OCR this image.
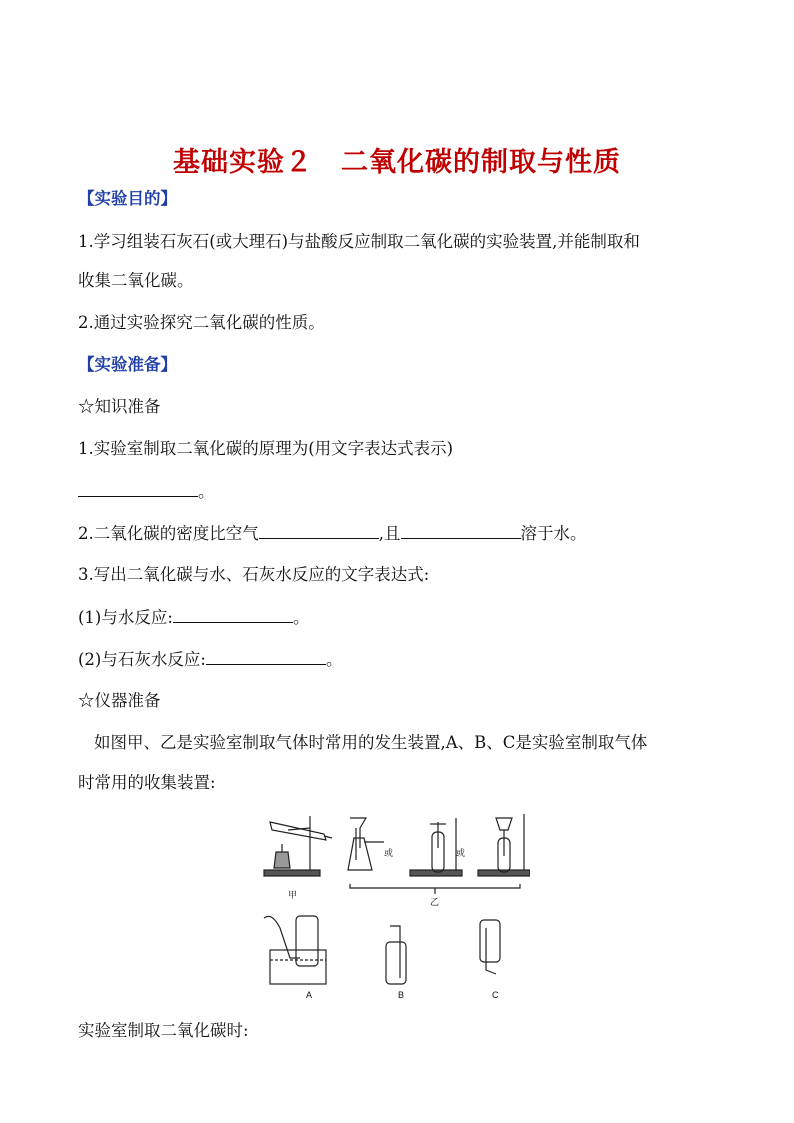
基础实验２　二氧化碳的制取与性质
【实验目的】
1.学习组装石灰石(或大理石)与盐酸反应制取二氧化碳的实验装置,并能制取和
收集二氧化碳。
2.通过实验探究二氧化碳的性质。
【实验准备】
☆知识准备
1.实验室制取二氧化碳的原理为(用文字表达式表示)
。
2.二氧化碳的密度比空气	,且	溶于水。
3.写出二氧化碳与水、石灰水反应的文字表达式:
(1)与水反应:	。
(2)与石灰水反应:	。
☆仪器准备
如图甲、乙是实验室制取气体时常用的发生装置,A、B、C是实验室制取气体
时常用的收集装置:
甲
或	或
乙
A	B	C
实验室制取二氧化碳时:
